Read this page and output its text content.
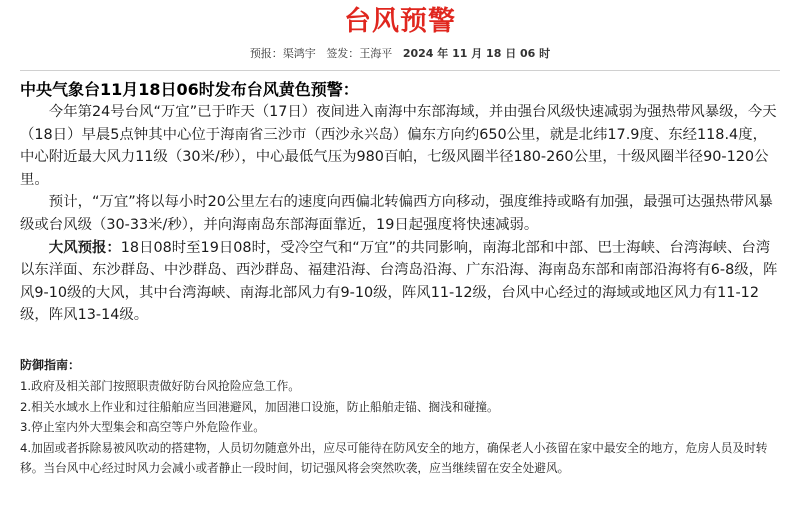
台风预警
预报：渠鸿宇 签发：王海平 2024 年 11 月 18 日 06 时
中央气象台11月18日06时发布台风黄色预警：

今年第24号台风“万宜”已于昨天（17日）夜间进入南海中东部海域，并由强台风级快速减弱为强热带风暴级，今天（18日）早晨5点钟其中心位于海南省三沙市（西沙永兴岛）偏东方向约650公里，就是北纬17.9度、东经118.4度，中心附近最大风力11级（30米/秒），中心最低气压为980百帕，七级风圈半径180-260公里，十级风圈半径90-120公里。

预计，“万宜”将以每小时20公里左右的速度向西偏北转偏西方向移动，强度维持或略有加强，最强可达强热带风暴级或台风级（30-33米/秒），并向海南岛东部海面靠近，19日起强度将快速减弱。

大风预报：18日08时至19日08时，受冷空气和“万宜”的共同影响，南海北部和中部、巴士海峡、台湾海峡、台湾以东洋面、东沙群岛、中沙群岛、西沙群岛、福建沿海、台湾岛沿海、广东沿海、海南岛东部和南部沿海将有6-8级，阵风9-10级的大风，其中台湾海峡、南海北部风力有9-10级，阵风11-12级，台风中心经过的海域或地区风力有11-12级，阵风13-14级。

防御指南：

1.政府及相关部门按照职责做好防台风抢险应急工作。

2.相关水域水上作业和过往船舶应当回港避风，加固港口设施，防止船舶走锚、搁浅和碰撞。

3.停止室内外大型集会和高空等户外危险作业。

4.加固或者拆除易被风吹动的搭建物，人员切勿随意外出，应尽可能待在防风安全的地方，确保老人小孩留在家中最安全的地方，危房人员及时转移。当台风中心经过时风力会减小或者静止一段时间，切记强风将会突然吹袭，应当继续留在安全处避风。
